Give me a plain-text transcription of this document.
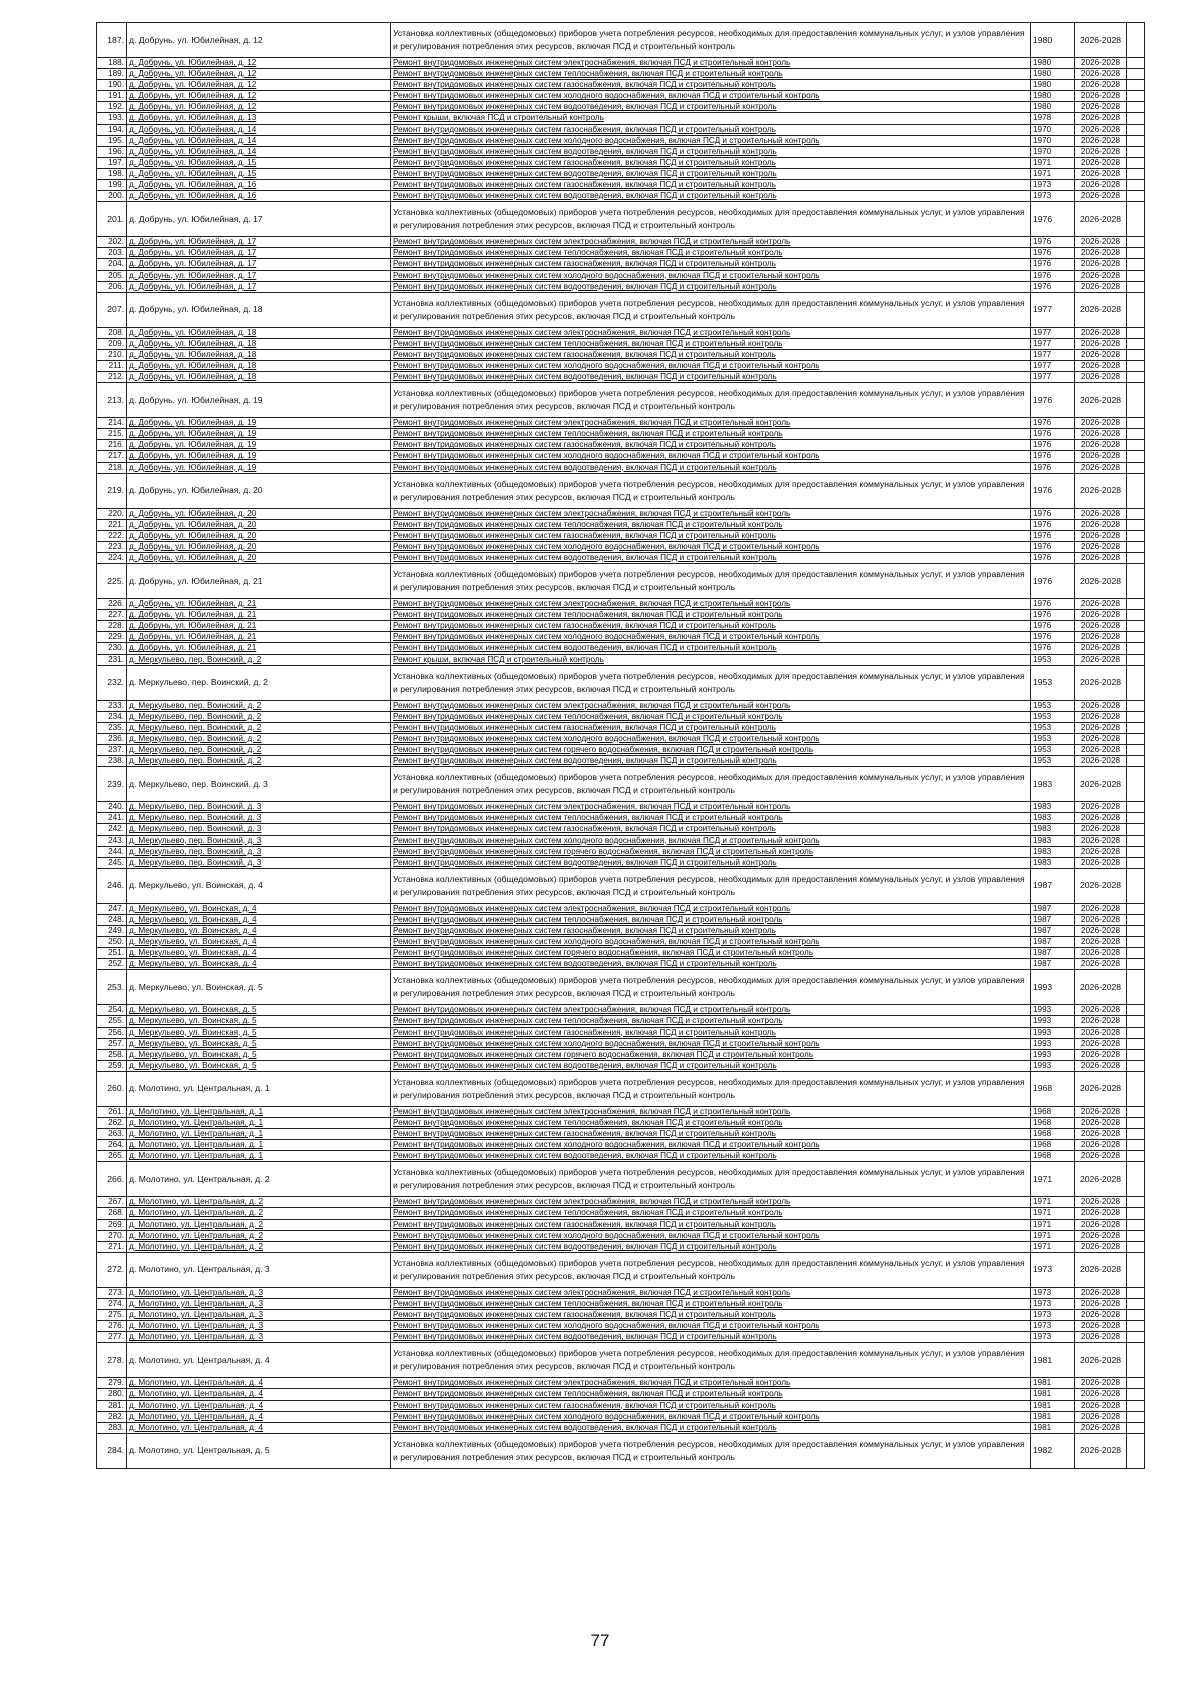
187.	д. Добрунь, ул. Юбилейная, д. 12	Установка коллективных (общедомовых) приборов учета потребления ресурсов, необходимых для предоставления коммунальных услуг, и узлов управления и регулирования потребления этих ресурсов, включая ПСД и строительный контроль	1980	2026-2028	
188.	д. Добрунь, ул. Юбилейная, д. 12	Ремонт внутридомовых инженерных систем электроснабжения, включая ПСД и строительный контроль	1980	2026-2028	
189.	д. Добрунь, ул. Юбилейная, д. 12	Ремонт внутридомовых инженерных систем теплоснабжения, включая ПСД и строительный контроль	1980	2026-2028	
190.	д. Добрунь, ул. Юбилейная, д. 12	Ремонт внутридомовых инженерных систем газоснабжения, включая ПСД и строительный контроль	1980	2026-2028	
191.	д. Добрунь, ул. Юбилейная, д. 12	Ремонт внутридомовых инженерных систем холодного водоснабжения, включая ПСД и строительный контроль	1980	2026-2028	
192.	д. Добрунь, ул. Юбилейная, д. 12	Ремонт внутридомовых инженерных систем водоотведения, включая ПСД и строительный контроль	1980	2026-2028	
193.	д. Добрунь, ул. Юбилейная, д. 13	Ремонт крыши, включая ПСД и строительный контроль	1978	2026-2028	
194.	д. Добрунь, ул. Юбилейная, д. 14	Ремонт внутридомовых инженерных систем газоснабжения, включая ПСД и строительный контроль	1970	2026-2028	
195.	д. Добрунь, ул. Юбилейная, д. 14	Ремонт внутридомовых инженерных систем холодного водоснабжения, включая ПСД и строительный контроль	1970	2026-2028	
196.	д. Добрунь, ул. Юбилейная, д. 14	Ремонт внутридомовых инженерных систем водоотведения, включая ПСД и строительный контроль	1970	2026-2028	
197.	д. Добрунь, ул. Юбилейная, д. 15	Ремонт внутридомовых инженерных систем газоснабжения, включая ПСД и строительный контроль	1971	2026-2028	
198.	д. Добрунь, ул. Юбилейная, д. 15	Ремонт внутридомовых инженерных систем водоотведения, включая ПСД и строительный контроль	1971	2026-2028	
199.	д. Добрунь, ул. Юбилейная, д. 16	Ремонт внутридомовых инженерных систем газоснабжения, включая ПСД и строительный контроль	1973	2026-2028	
200.	д. Добрунь, ул. Юбилейная, д. 16	Ремонт внутридомовых инженерных систем водоотведения, включая ПСД и строительный контроль	1973	2026-2028	
201.	д. Добрунь, ул. Юбилейная, д. 17	Установка коллективных (общедомовых) приборов учета потребления ресурсов, необходимых для предоставления коммунальных услуг, и узлов управления и регулирования потребления этих ресурсов, включая ПСД и строительный контроль	1976	2026-2028	
202.	д. Добрунь, ул. Юбилейная, д. 17	Ремонт внутридомовых инженерных систем электроснабжения, включая ПСД и строительный контроль	1976	2026-2028	
203.	д. Добрунь, ул. Юбилейная, д. 17	Ремонт внутридомовых инженерных систем теплоснабжения, включая ПСД и строительный контроль	1976	2026-2028	
204.	д. Добрунь, ул. Юбилейная, д. 17	Ремонт внутридомовых инженерных систем газоснабжения, включая ПСД и строительный контроль	1976	2026-2028	
205.	д. Добрунь, ул. Юбилейная, д. 17	Ремонт внутридомовых инженерных систем холодного водоснабжения, включая ПСД и строительный контроль	1976	2026-2028	
206.	д. Добрунь, ул. Юбилейная, д. 17	Ремонт внутридомовых инженерных систем водоотведения, включая ПСД и строительный контроль	1976	2026-2028	
207.	д. Добрунь, ул. Юбилейная, д. 18	Установка коллективных (общедомовых) приборов учета потребления ресурсов, необходимых для предоставления коммунальных услуг, и узлов управления и регулирования потребления этих ресурсов, включая ПСД и строительный контроль	1977	2026-2028	
208.	д. Добрунь, ул. Юбилейная, д. 18	Ремонт внутридомовых инженерных систем электроснабжения, включая ПСД и строительный контроль	1977	2026-2028	
209.	д. Добрунь, ул. Юбилейная, д. 18	Ремонт внутридомовых инженерных систем теплоснабжения, включая ПСД и строительный контроль	1977	2026-2028	
210.	д. Добрунь, ул. Юбилейная, д. 18	Ремонт внутридомовых инженерных систем газоснабжения, включая ПСД и строительный контроль	1977	2026-2028	
211.	д. Добрунь, ул. Юбилейная, д. 18	Ремонт внутридомовых инженерных систем холодного водоснабжения, включая ПСД и строительный контроль	1977	2026-2028	
212.	д. Добрунь, ул. Юбилейная, д. 18	Ремонт внутридомовых инженерных систем водоотведения, включая ПСД и строительный контроль	1977	2026-2028	
213.	д. Добрунь, ул. Юбилейная, д. 19	Установка коллективных (общедомовых) приборов учета потребления ресурсов, необходимых для предоставления коммунальных услуг, и узлов управления и регулирования потребления этих ресурсов, включая ПСД и строительный контроль	1976	2026-2028	
214.	д. Добрунь, ул. Юбилейная, д. 19	Ремонт внутридомовых инженерных систем электроснабжения, включая ПСД и строительный контроль	1976	2026-2028	
215.	д. Добрунь, ул. Юбилейная, д. 19	Ремонт внутридомовых инженерных систем теплоснабжения, включая ПСД и строительный контроль	1976	2026-2028	
216.	д. Добрунь, ул. Юбилейная, д. 19	Ремонт внутридомовых инженерных систем газоснабжения, включая ПСД и строительный контроль	1976	2026-2028	
217.	д. Добрунь, ул. Юбилейная, д. 19	Ремонт внутридомовых инженерных систем холодного водоснабжения, включая ПСД и строительный контроль	1976	2026-2028	
218.	д. Добрунь, ул. Юбилейная, д. 19	Ремонт внутридомовых инженерных систем водоотведения, включая ПСД и строительный контроль	1976	2026-2028	
219.	д. Добрунь, ул. Юбилейная, д. 20	Установка коллективных (общедомовых) приборов учета потребления ресурсов, необходимых для предоставления коммунальных услуг, и узлов управления и регулирования потребления этих ресурсов, включая ПСД и строительный контроль	1976	2026-2028	
220.	д. Добрунь, ул. Юбилейная, д. 20	Ремонт внутридомовых инженерных систем электроснабжения, включая ПСД и строительный контроль	1976	2026-2028	
221.	д. Добрунь, ул. Юбилейная, д. 20	Ремонт внутридомовых инженерных систем теплоснабжения, включая ПСД и строительный контроль	1976	2026-2028	
222.	д. Добрунь, ул. Юбилейная, д. 20	Ремонт внутридомовых инженерных систем газоснабжения, включая ПСД и строительный контроль	1976	2026-2028	
223.	д. Добрунь, ул. Юбилейная, д. 20	Ремонт внутридомовых инженерных систем холодного водоснабжения, включая ПСД и строительный контроль	1976	2026-2028	
224.	д. Добрунь, ул. Юбилейная, д. 20	Ремонт внутридомовых инженерных систем водоотведения, включая ПСД и строительный контроль	1976	2026-2028	
225.	д. Добрунь, ул. Юбилейная, д. 21	Установка коллективных (общедомовых) приборов учета потребления ресурсов, необходимых для предоставления коммунальных услуг, и узлов управления и регулирования потребления этих ресурсов, включая ПСД и строительный контроль	1976	2026-2028	
226.	д. Добрунь, ул. Юбилейная, д. 21	Ремонт внутридомовых инженерных систем электроснабжения, включая ПСД и строительный контроль	1976	2026-2028	
227.	д. Добрунь, ул. Юбилейная, д. 21	Ремонт внутридомовых инженерных систем теплоснабжения, включая ПСД и строительный контроль	1976	2026-2028	
228.	д. Добрунь, ул. Юбилейная, д. 21	Ремонт внутридомовых инженерных систем газоснабжения, включая ПСД и строительный контроль	1976	2026-2028	
229.	д. Добрунь, ул. Юбилейная, д. 21	Ремонт внутридомовых инженерных систем холодного водоснабжения, включая ПСД и строительный контроль	1976	2026-2028	
230.	д. Добрунь, ул. Юбилейная, д. 21	Ремонт внутридомовых инженерных систем водоотведения, включая ПСД и строительный контроль	1976	2026-2028	
231.	д. Меркульево, пер. Воинский, д. 2	Ремонт крыши, включая ПСД и строительный контроль	1953	2026-2028	
232.	д. Меркульево, пер. Воинский, д. 2	Установка коллективных (общедомовых) приборов учета потребления ресурсов, необходимых для предоставления коммунальных услуг, и узлов управления и регулирования потребления этих ресурсов, включая ПСД и строительный контроль	1953	2026-2028	
233.	д. Меркульево, пер. Воинский, д. 2	Ремонт внутридомовых инженерных систем электроснабжения, включая ПСД и строительный контроль	1953	2026-2028	
234.	д. Меркульево, пер. Воинский, д. 2	Ремонт внутридомовых инженерных систем теплоснабжения, включая ПСД и строительный контроль	1953	2026-2028	
235.	д. Меркульево, пер. Воинский, д. 2	Ремонт внутридомовых инженерных систем газоснабжения, включая ПСД и строительный контроль	1953	2026-2028	
236.	д. Меркульево, пер. Воинский, д. 2	Ремонт внутридомовых инженерных систем холодного водоснабжения, включая ПСД и строительный контроль	1953	2026-2028	
237.	д. Меркульево, пер. Воинский, д. 2	Ремонт внутридомовых инженерных систем горячего водоснабжения, включая ПСД и строительный контроль	1953	2026-2028	
238.	д. Меркульево, пер. Воинский, д. 2	Ремонт внутридомовых инженерных систем водоотведения, включая ПСД и строительный контроль	1953	2026-2028	
239.	д. Меркульево, пер. Воинский, д. 3	Установка коллективных (общедомовых) приборов учета потребления ресурсов, необходимых для предоставления коммунальных услуг, и узлов управления и регулирования потребления этих ресурсов, включая ПСД и строительный контроль	1983	2026-2028	
240.	д. Меркульево, пер. Воинский, д. 3	Ремонт внутридомовых инженерных систем электроснабжения, включая ПСД и строительный контроль	1983	2026-2028	
241.	д. Меркульево, пер. Воинский, д. 3	Ремонт внутридомовых инженерных систем теплоснабжения, включая ПСД и строительный контроль	1983	2026-2028	
242.	д. Меркульево, пер. Воинский, д. 3	Ремонт внутридомовых инженерных систем газоснабжения, включая ПСД и строительный контроль	1983	2026-2028	
243.	д. Меркульево, пер. Воинский, д. 3	Ремонт внутридомовых инженерных систем холодного водоснабжения, включая ПСД и строительный контроль	1983	2026-2028	
244.	д. Меркульево, пер. Воинский, д. 3	Ремонт внутридомовых инженерных систем горячего водоснабжения, включая ПСД и строительный контроль	1983	2026-2028	
245.	д. Меркульево, пер. Воинский, д. 3	Ремонт внутридомовых инженерных систем водоотведения, включая ПСД и строительный контроль	1983	2026-2028	
246.	д. Меркульево, ул. Воинская, д. 4	Установка коллективных (общедомовых) приборов учета потребления ресурсов, необходимых для предоставления коммунальных услуг, и узлов управления и регулирования потребления этих ресурсов, включая ПСД и строительный контроль	1987	2026-2028	
247.	д. Меркульево, ул. Воинская, д. 4	Ремонт внутридомовых инженерных систем электроснабжения, включая ПСД и строительный контроль	1987	2026-2028	
248.	д. Меркульево, ул. Воинская, д. 4	Ремонт внутридомовых инженерных систем теплоснабжения, включая ПСД и строительный контроль	1987	2026-2028	
249.	д. Меркульево, ул. Воинская, д. 4	Ремонт внутридомовых инженерных систем газоснабжения, включая ПСД и строительный контроль	1987	2026-2028	
250.	д. Меркульево, ул. Воинская, д. 4	Ремонт внутридомовых инженерных систем холодного водоснабжения, включая ПСД и строительный контроль	1987	2026-2028	
251.	д. Меркульево, ул. Воинская, д. 4	Ремонт внутридомовых инженерных систем горячего водоснабжения, включая ПСД и строительный контроль	1987	2026-2028	
252.	д. Меркульево, ул. Воинская, д. 4	Ремонт внутридомовых инженерных систем водоотведения, включая ПСД и строительный контроль	1987	2026-2028	
253.	д. Меркульево, ул. Воинская, д. 5	Установка коллективных (общедомовых) приборов учета потребления ресурсов, необходимых для предоставления коммунальных услуг, и узлов управления и регулирования потребления этих ресурсов, включая ПСД и строительный контроль	1993	2026-2028	
254.	д. Меркульево, ул. Воинская, д. 5	Ремонт внутридомовых инженерных систем электроснабжения, включая ПСД и строительный контроль	1993	2026-2028	
255.	д. Меркульево, ул. Воинская, д. 5	Ремонт внутридомовых инженерных систем теплоснабжения, включая ПСД и строительный контроль	1993	2026-2028	
256.	д. Меркульево, ул. Воинская, д. 5	Ремонт внутридомовых инженерных систем газоснабжения, включая ПСД и строительный контроль	1993	2026-2028	
257.	д. Меркульево, ул. Воинская, д. 5	Ремонт внутридомовых инженерных систем холодного водоснабжения, включая ПСД и строительный контроль	1993	2026-2028	
258.	д. Меркульево, ул. Воинская, д. 5	Ремонт внутридомовых инженерных систем горячего водоснабжения, включая ПСД и строительный контроль	1993	2026-2028	
259.	д. Меркульево, ул. Воинская, д. 5	Ремонт внутридомовых инженерных систем водоотведения, включая ПСД и строительный контроль	1993	2026-2028	
260.	д. Молотино, ул. Центральная, д. 1	Установка коллективных (общедомовых) приборов учета потребления ресурсов, необходимых для предоставления коммунальных услуг, и узлов управления и регулирования потребления этих ресурсов, включая ПСД и строительный контроль	1968	2026-2028	
261.	д. Молотино, ул. Центральная, д. 1	Ремонт внутридомовых инженерных систем электроснабжения, включая ПСД и строительный контроль	1968	2026-2028	
262.	д. Молотино, ул. Центральная, д. 1	Ремонт внутридомовых инженерных систем теплоснабжения, включая ПСД и строительный контроль	1968	2026-2028	
263.	д. Молотино, ул. Центральная, д. 1	Ремонт внутридомовых инженерных систем газоснабжения, включая ПСД и строительный контроль	1968	2026-2028	
264.	д. Молотино, ул. Центральная, д. 1	Ремонт внутридомовых инженерных систем холодного водоснабжения, включая ПСД и строительный контроль	1968	2026-2028	
265.	д. Молотино, ул. Центральная, д. 1	Ремонт внутридомовых инженерных систем водоотведения, включая ПСД и строительный контроль	1968	2026-2028	
266.	д. Молотино, ул. Центральная, д. 2	Установка коллективных (общедомовых) приборов учета потребления ресурсов, необходимых для предоставления коммунальных услуг, и узлов управления и регулирования потребления этих ресурсов, включая ПСД и строительный контроль	1971	2026-2028	
267.	д. Молотино, ул. Центральная, д. 2	Ремонт внутридомовых инженерных систем электроснабжения, включая ПСД и строительный контроль	1971	2026-2028	
268.	д. Молотино, ул. Центральная, д. 2	Ремонт внутридомовых инженерных систем теплоснабжения, включая ПСД и строительный контроль	1971	2026-2028	
269.	д. Молотино, ул. Центральная, д. 2	Ремонт внутридомовых инженерных систем газоснабжения, включая ПСД и строительный контроль	1971	2026-2028	
270.	д. Молотино, ул. Центральная, д. 2	Ремонт внутридомовых инженерных систем холодного водоснабжения, включая ПСД и строительный контроль	1971	2026-2028	
271.	д. Молотино, ул. Центральная, д. 2	Ремонт внутридомовых инженерных систем водоотведения, включая ПСД и строительный контроль	1971	2026-2028	
272.	д. Молотино, ул. Центральная, д. 3	Установка коллективных (общедомовых) приборов учета потребления ресурсов, необходимых для предоставления коммунальных услуг, и узлов управления и регулирования потребления этих ресурсов, включая ПСД и строительный контроль	1973	2026-2028	
273.	д. Молотино, ул. Центральная, д. 3	Ремонт внутридомовых инженерных систем электроснабжения, включая ПСД и строительный контроль	1973	2026-2028	
274.	д. Молотино, ул. Центральная, д. 3	Ремонт внутридомовых инженерных систем теплоснабжения, включая ПСД и строительный контроль	1973	2026-2028	
275.	д. Молотино, ул. Центральная, д. 3	Ремонт внутридомовых инженерных систем газоснабжения, включая ПСД и строительный контроль	1973	2026-2028	
276.	д. Молотино, ул. Центральная, д. 3	Ремонт внутридомовых инженерных систем холодного водоснабжения, включая ПСД и строительный контроль	1973	2026-2028	
277.	д. Молотино, ул. Центральная, д. 3	Ремонт внутридомовых инженерных систем водоотведения, включая ПСД и строительный контроль	1973	2026-2028	
278.	д. Молотино, ул. Центральная, д. 4	Установка коллективных (общедомовых) приборов учета потребления ресурсов, необходимых для предоставления коммунальных услуг, и узлов управления и регулирования потребления этих ресурсов, включая ПСД и строительный контроль	1981	2026-2028	
279.	д. Молотино, ул. Центральная, д. 4	Ремонт внутридомовых инженерных систем электроснабжения, включая ПСД и строительный контроль	1981	2026-2028	
280.	д. Молотино, ул. Центральная, д. 4	Ремонт внутридомовых инженерных систем теплоснабжения, включая ПСД и строительный контроль	1981	2026-2028	
281.	д. Молотино, ул. Центральная, д. 4	Ремонт внутридомовых инженерных систем газоснабжения, включая ПСД и строительный контроль	1981	2026-2028	
282.	д. Молотино, ул. Центральная, д. 4	Ремонт внутридомовых инженерных систем холодного водоснабжения, включая ПСД и строительный контроль	1981	2026-2028	
283.	д. Молотино, ул. Центральная, д. 4	Ремонт внутридомовых инженерных систем водоотведения, включая ПСД и строительный контроль	1981	2026-2028	
284.	д. Молотино, ул. Центральная, д. 5	Установка коллективных (общедомовых) приборов учета потребления ресурсов, необходимых для предоставления коммунальных услуг, и узлов управления и регулирования потребления этих ресурсов, включая ПСД и строительный контроль	1982	2026-2028	
77
